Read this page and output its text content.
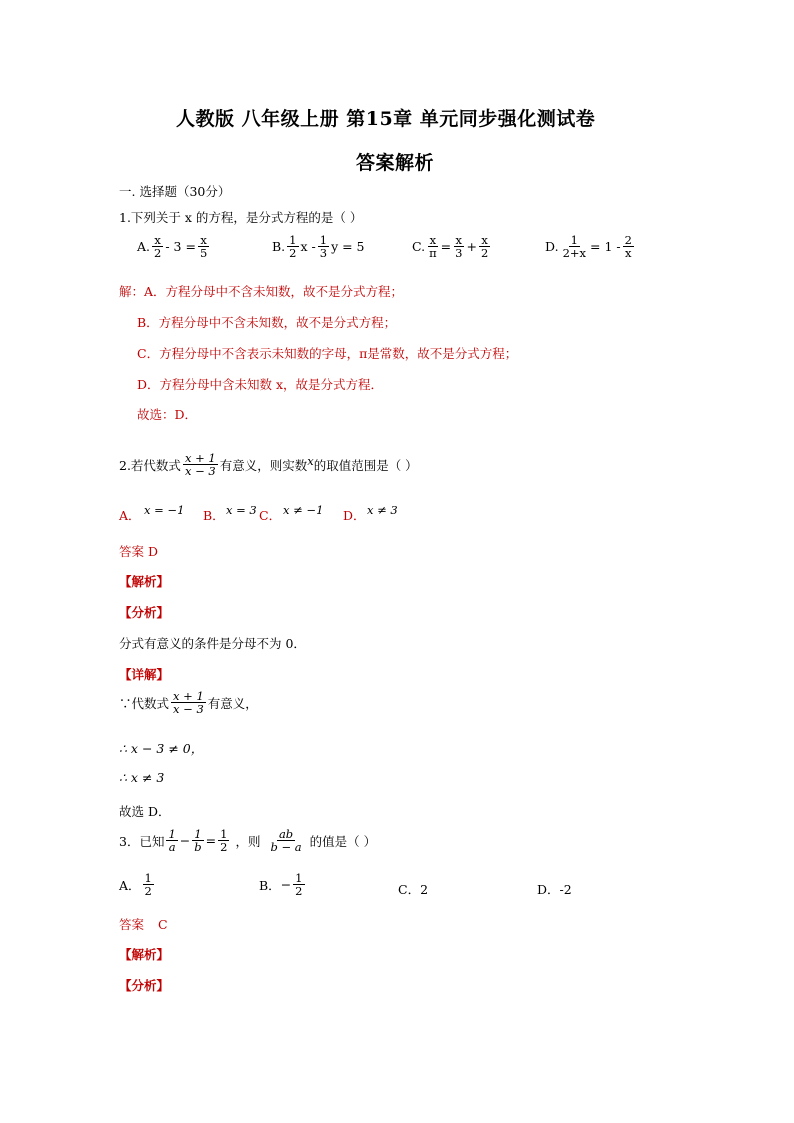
人教版 八年级上册 第15章 单元同步强化测试卷
答案解析
一. 选择题（30分）
1.下列关于 x 的方程，是分式方程的是（ ）
A. $\frac{x}{2} - 3 = \frac{x}{5}$	B. $\frac{1}{2}$ x - $\frac{1}{3}$ y = 5	C. $\frac{x}{\pi} = \frac{x}{3} + \frac{x}{2}$	D. $\frac{1}{2+x} = 1 - \frac{2}{x}$
解：A．方程分母中不含未知数，故不是分式方程；
B．方程分母中不含未知数，故不是分式方程；
C．方程分母中不含表示未知数的字母，π是常数，故不是分式方程；
D．方程分母中含未知数 x，故是分式方程．
故选：D．
2.若代数式 $\frac{x + 1}{x - 3}$ 有意义，则实数 x 的取值范围是（ ）
A． x = −1 B． x = 3 C． x ≠ −1 D． x ≠ 3
答案 D
【解析】
【分析】
分式有意义的条件是分母不为 0．
【详解】
∵代数式 $\frac{x + 1}{x - 3}$ 有意义，
∴ x − 3 ≠ 0，
∴ x ≠ 3
故选 D．
3．已知 $\frac{1}{a} - \frac{1}{b} = \frac{1}{2}$ ，则 $\frac{ab}{b - a}$ 的值是（ ）
A． $\frac{1}{2}$	B． − $\frac{1}{2}$	C．2	D．-2
答案 C
【解析】
【分析】
